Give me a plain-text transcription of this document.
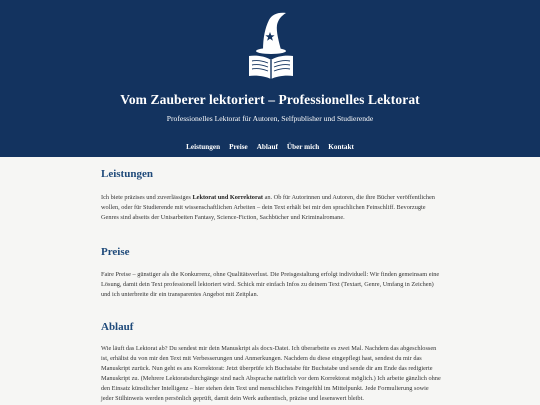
Vom Zauberer lektoriert – Professionelles Lektorat
Professionelles Lektorat für Autoren, Selfpublisher und Studierende
Leistungen Preise Ablauf Über mich Kontakt
Leistungen

Ich biete präzises und zuverlässiges Lektorat und Korrektorat an. Ob für Autorinnen und Autoren, die ihre Bücher veröffentlichen wollen, oder für Studierende mit wissenschaftlichen Arbeiten – dein Text erhält bei mir den sprachlichen Feinschliff. Bevorzugte Genres sind abseits der Unisarbeiten Fantasy, Science-Fiction, Sachbücher und Kriminalromane.

Preise

Faire Preise – günstiger als die Konkurrenz, ohne Qualitätsverlust. Die Preisgestaltung erfolgt individuell: Wir finden gemeinsam eine Lösung, damit dein Text professionell lektoriert wird. Schick mir einfach Infos zu deinem Text (Textart, Genre, Umfang in Zeichen) und ich unterbreite dir ein transparentes Angebot mit Zeitplan.

Ablauf

Wie läuft das Lektorat ab? Du sendest mir dein Manuskript als docx-Datei. Ich überarbeite es zwei Mal. Nachdem das abgeschlossen ist, erhältst du von mir den Text mit Verbesserungen und Anmerkungen. Nachdem du diese eingepflegt hast, sendest du mir das Manuskript zurück. Nun geht es ans Korrektorat: Jetzt überprüfe ich Buchstabe für Buchstabe und sende dir am Ende das redigierte Manuskript zu. (Mehrere Lektoratsdurchgänge sind nach Absprache natürlich vor dem Korrektorat möglich.) Ich arbeite gänzlich ohne den Einsatz künstlicher Intelligenz – hier stehen dein Text und menschliches Feingefühl im Mittelpunkt. Jede Formulierung sowie jeder Stilhinweis werden persönlich geprüft, damit dein Werk authentisch, präzise und lesenswert bleibt.
